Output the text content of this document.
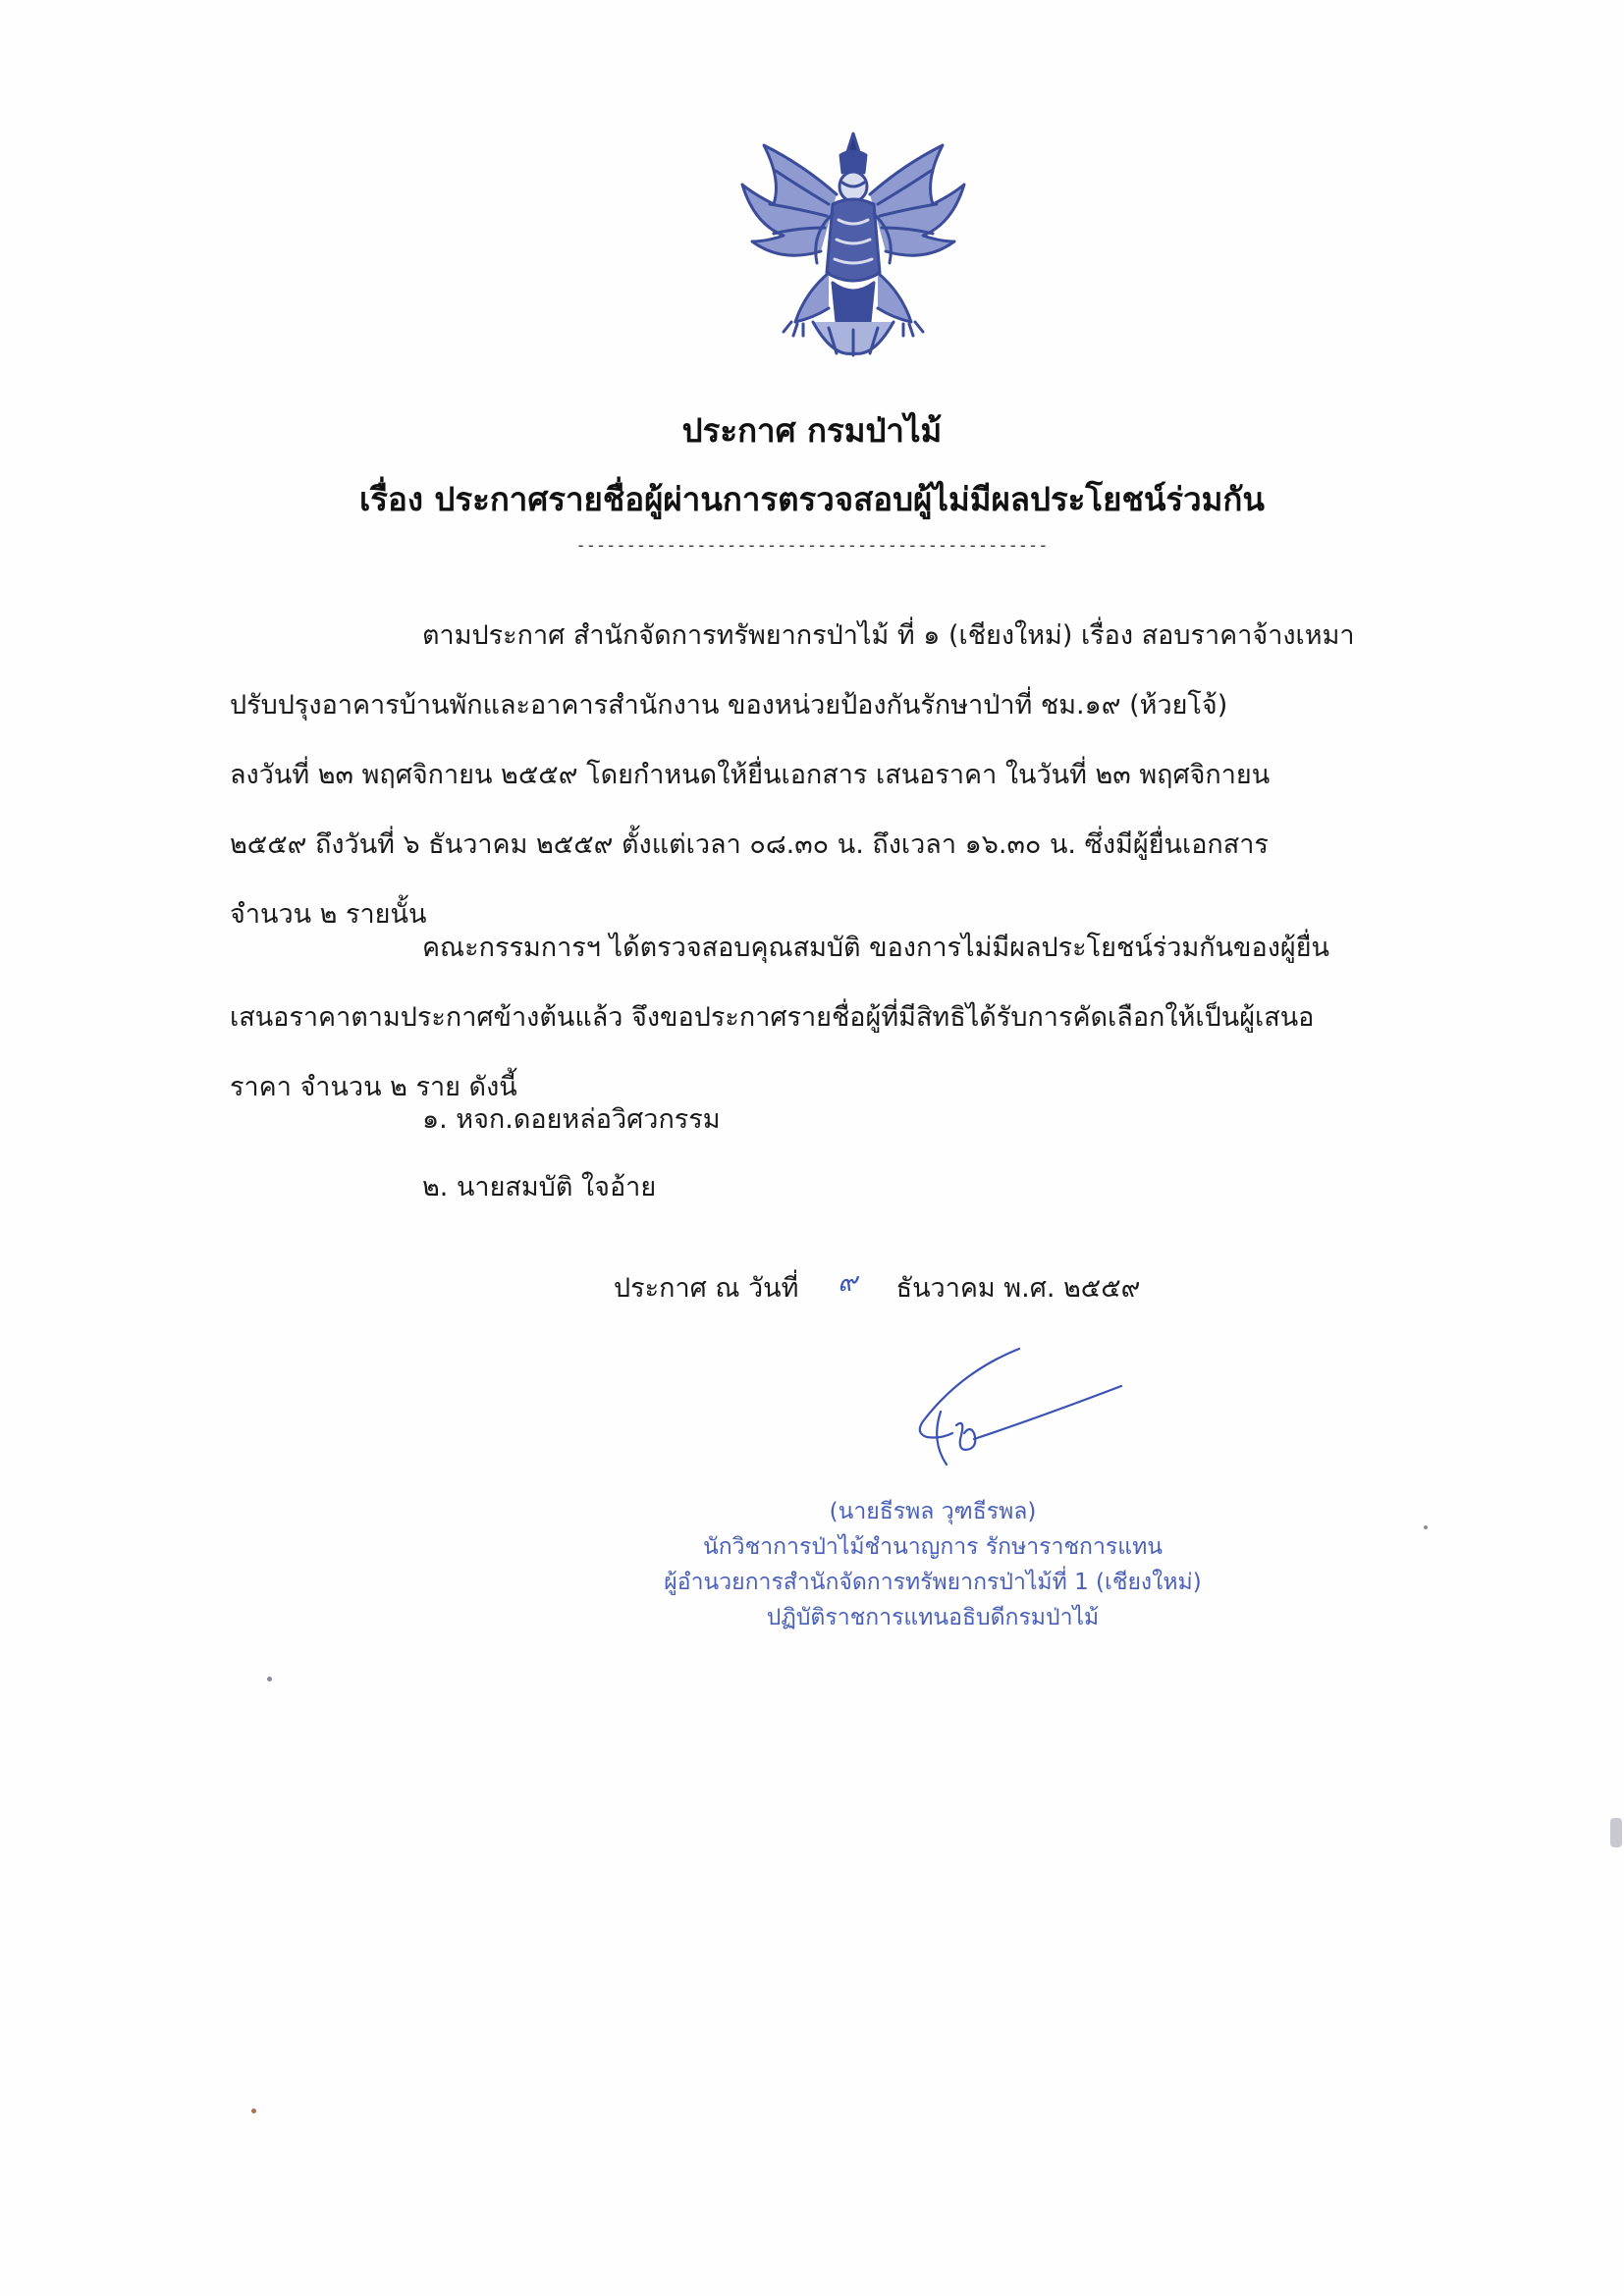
ประกาศ กรมป่าไม้
เรื่อง ประกาศรายชื่อผู้ผ่านการตรวจสอบผู้ไม่มีผลประโยชน์ร่วมกัน
-----------------------------------------------
ตามประกาศ สำนักจัดการทรัพยากรป่าไม้ ที่ ๑ (เชียงใหม่) เรื่อง สอบราคาจ้างเหมา
ปรับปรุงอาคารบ้านพักและอาคารสำนักงาน ของหน่วยป้องกันรักษาป่าที่ ชม.๑๙ (ห้วยโจ้)
ลงวันที่ ๒๓ พฤศจิกายน ๒๕๕๙ โดยกำหนดให้ยื่นเอกสาร เสนอราคา ในวันที่ ๒๓ พฤศจิกายน
๒๕๕๙ ถึงวันที่ ๖ ธันวาคม ๒๕๕๙ ตั้งแต่เวลา ๐๘.๓๐ น. ถึงเวลา ๑๖.๓๐ น. ซึ่งมีผู้ยื่นเอกสาร
จำนวน ๒ รายนั้น
คณะกรรมการฯ ได้ตรวจสอบคุณสมบัติ ของการไม่มีผลประโยชน์ร่วมกันของผู้ยื่น
เสนอราคาตามประกาศข้างต้นแล้ว จึงขอประกาศรายชื่อผู้ที่มีสิทธิได้รับการคัดเลือกให้เป็นผู้เสนอ
ราคา จำนวน ๒ ราย ดังนี้
๑. หจก.ดอยหล่อวิศวกรรม
๒. นายสมบัติ ใจอ้าย
ประกาศ ณ วันที่ ๙ ธันวาคม พ.ศ. ๒๕๕๙
(นายธีรพล วุฑธีรพล)
นักวิชาการป่าไม้ชำนาญการ รักษาราชการแทน
ผู้อำนวยการสำนักจัดการทรัพยากรป่าไม้ที่ 1 (เชียงใหม่)
ปฏิบัติราชการแทนอธิบดีกรมป่าไม้
